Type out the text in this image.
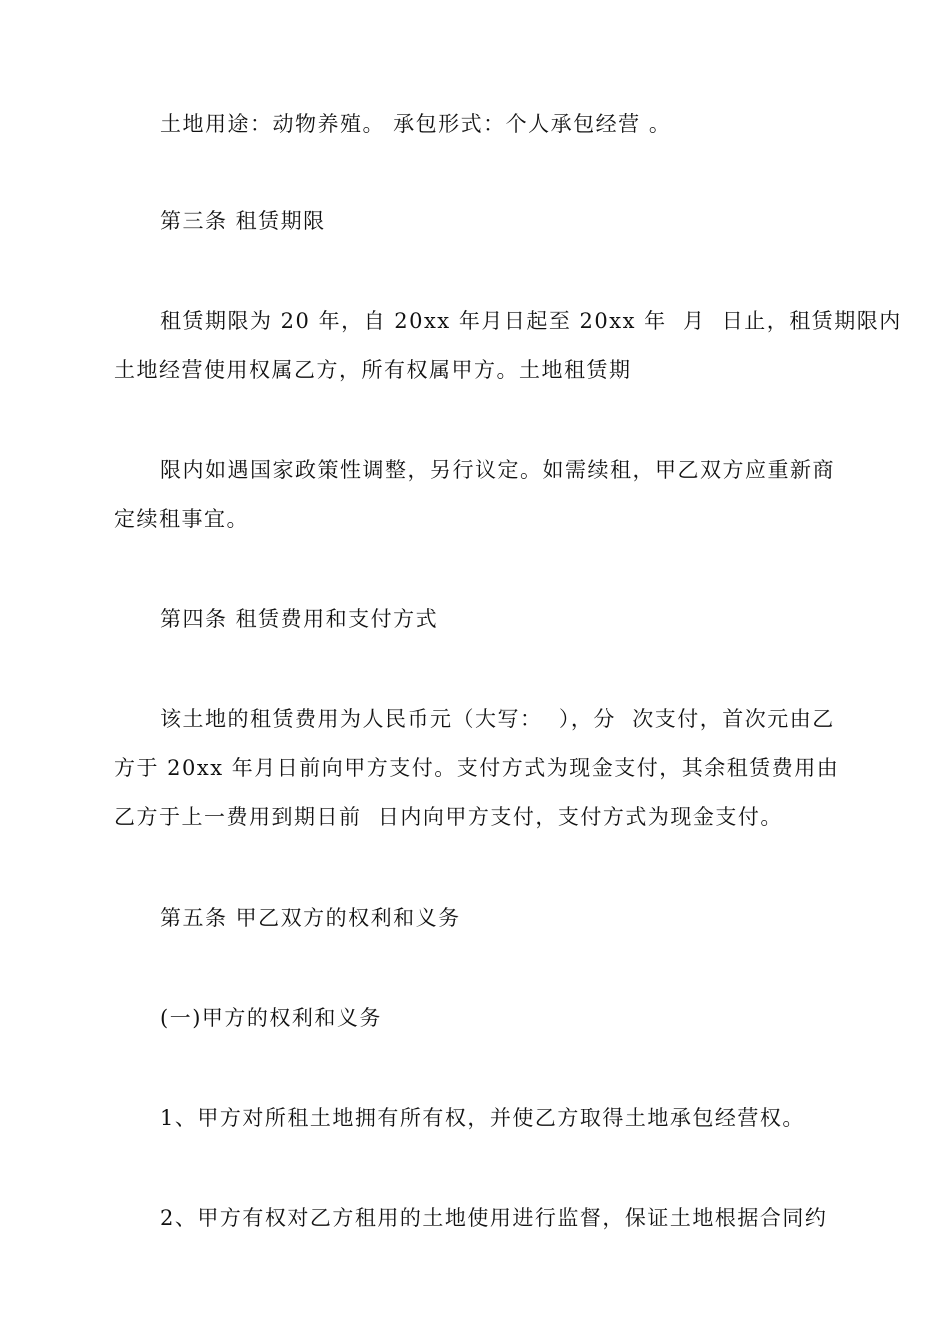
土地用途：动物养殖。 承包形式：个人承包经营 。
第三条 租赁期限
租赁期限为 20 年，自 20xx 年月日起至 20xx 年  月  日止，租赁期限内
土地经营使用权属乙方，所有权属甲方。土地租赁期
限内如遇国家政策性调整，另行议定。如需续租，甲乙双方应重新商
定续租事宜。
第四条 租赁费用和支付方式
该土地的租赁费用为人民币元（大写：  ），分  次支付，首次元由乙
方于 20xx 年月日前向甲方支付。支付方式为现金支付，其余租赁费用由
乙方于上一费用到期日前  日内向甲方支付，支付方式为现金支付。
第五条 甲乙双方的权利和义务
(一)甲方的权利和义务
1、甲方对所租土地拥有所有权，并使乙方取得土地承包经营权。
2、甲方有权对乙方租用的土地使用进行监督，保证土地根据合同约
